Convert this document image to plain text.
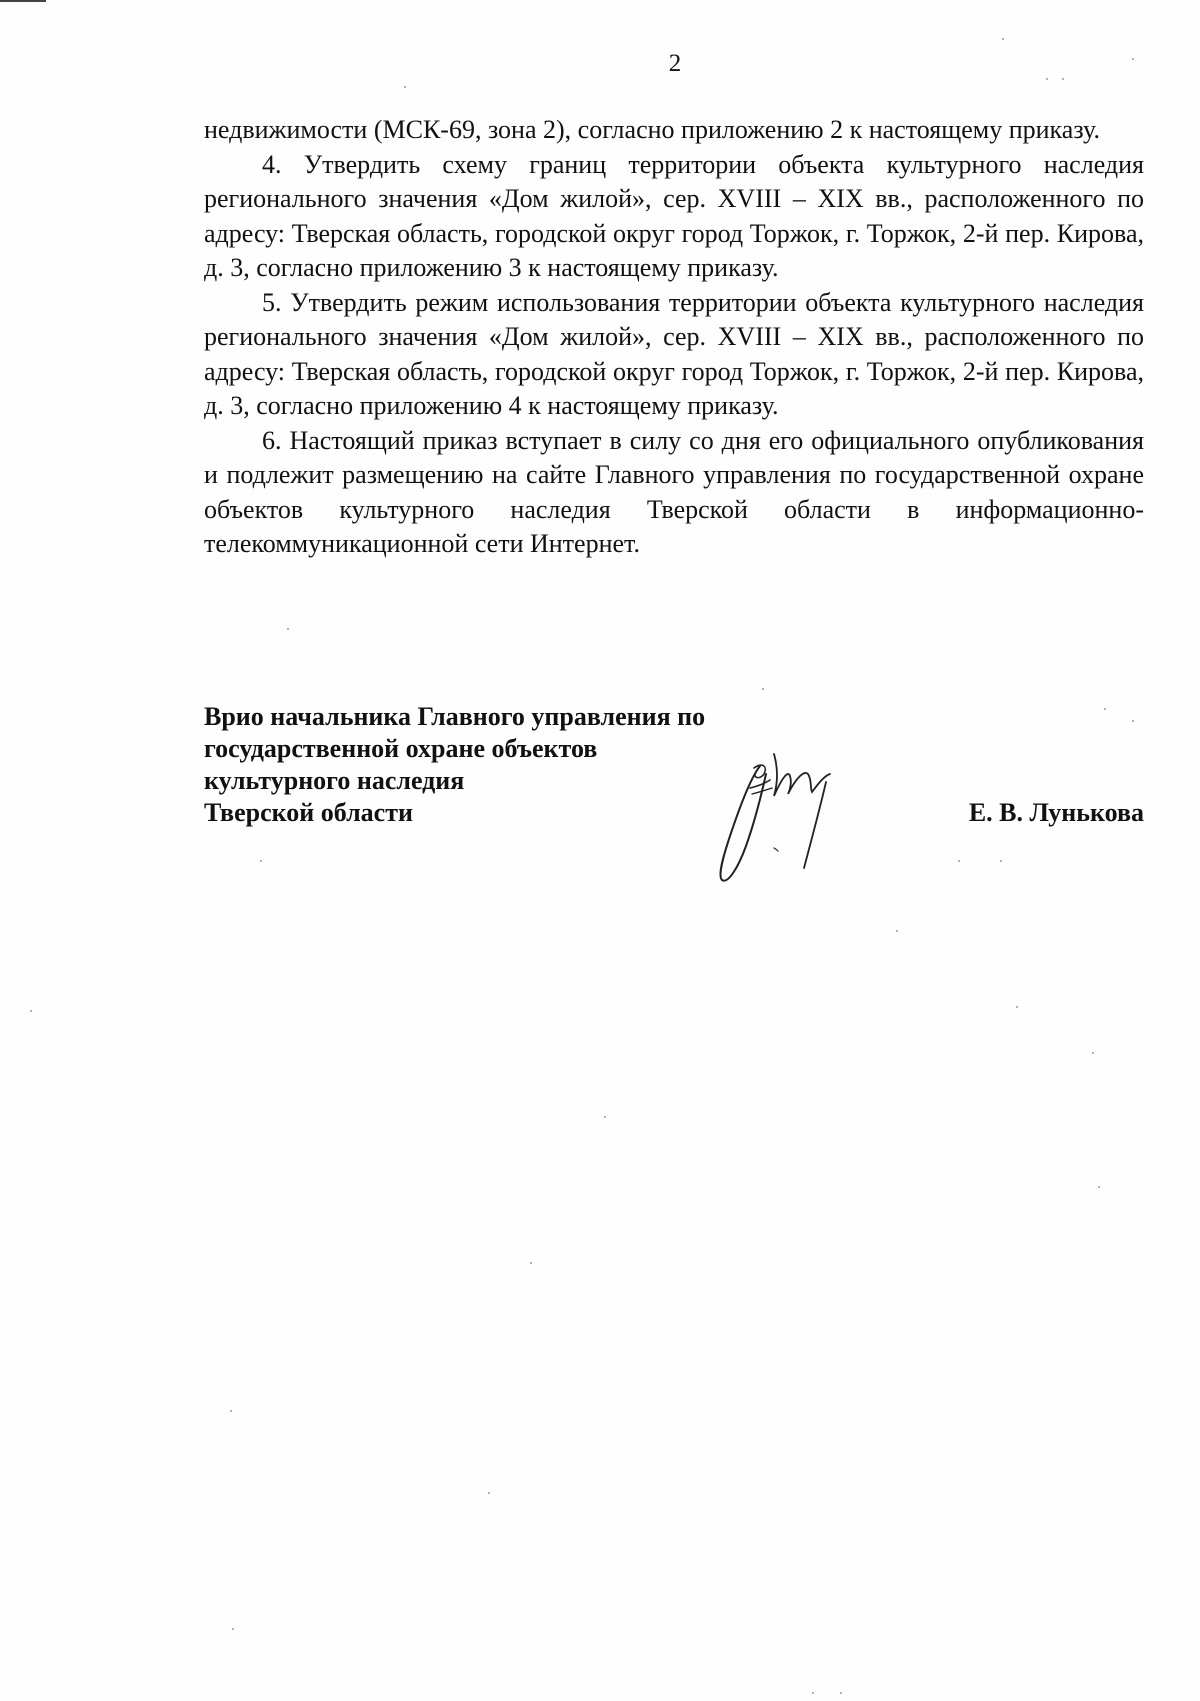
2

недвижимости (МСК-69, зона 2), согласно приложению 2 к настоящему приказу.

4. Утвердить схему границ территории объекта культурного наследия регионального значения «Дом жилой», сер. XVIII – XIX вв., расположенного по адресу: Тверская область, городской округ город Торжок, г. Торжок, 2-й пер. Кирова, д. 3, согласно приложению 3 к настоящему приказу.

5. Утвердить режим использования территории объекта культурного наследия регионального значения «Дом жилой», сер. XVIII – XIX вв., расположенного по адресу: Тверская область, городской округ город Торжок, г. Торжок, 2-й пер. Кирова, д. 3, согласно приложению 4 к настоящему приказу.

6. Настоящий приказ вступает в силу со дня его официального опубликования и подлежит размещению на сайте Главного управления по государственной охране объектов культурного наследия Тверской области в информационно-телекоммуникационной сети Интернет.

Врио начальника Главного управления по
государственной охране объектов
культурного наследия
Тверской области	Е. В. Лунькова
